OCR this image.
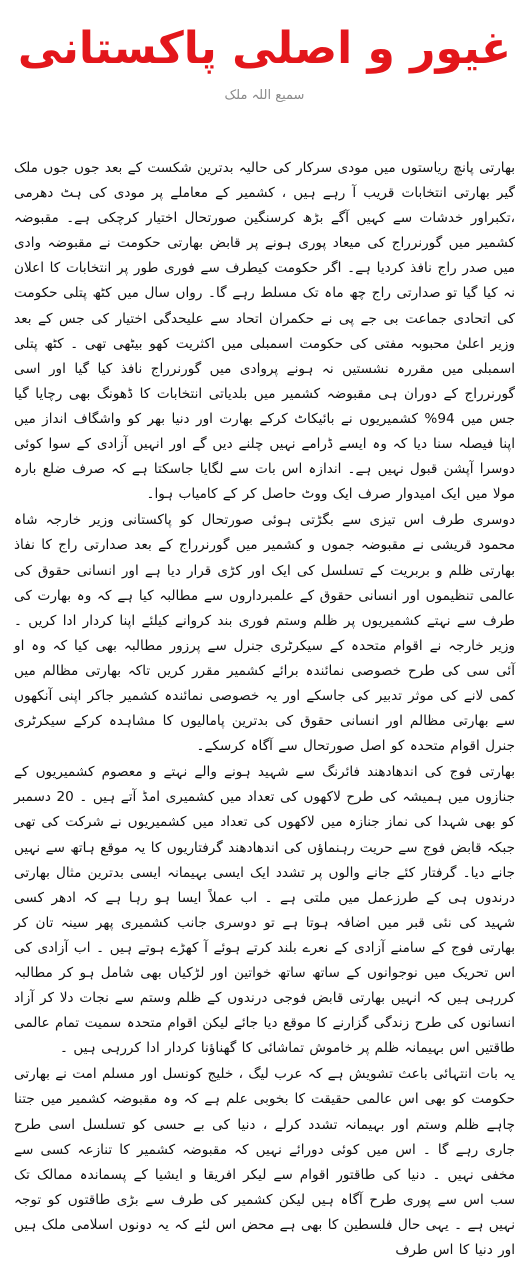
غیور و اصلی پاکستانی
سمیع اللہ ملک

بھارتی پانچ ریاستوں میں مودی سرکار کی حالیہ بدترین شکست کے بعد جوں جوں ملک گیر بھارتی انتخابات قریب آ رہے ہیں ، کشمیر کے معاملے پر مودی کی ہٹ دھرمی ،تکبراور خدشات سے کہیں آگے بڑھ کرسنگین صورتحال اختیار کرچکی ہے۔ مقبوضہ کشمیر میں گورنرراج کی میعاد پوری ہونے پر قابض بھارتی حکومت نے مقبوضہ وادی میں صدر راج نافذ کردیا ہے۔ اگر حکومت کیطرف سے فوری طور پر انتخابات کا اعلان نہ کیا گیا تو صدارتی راج چھ ماہ تک مسلط رہے گا۔ رواں سال میں کٹھ پتلی حکومت کی اتحادی جماعت بی جے پی نے حکمران اتحاد سے علیحدگی اختیار کی جس کے بعد وزیر اعلیٰ محبوبہ مفتی کی حکومت اسمبلی میں اکثریت کھو بیٹھی تھی ۔ کٹھ پتلی اسمبلی میں مقررہ نشستیں نہ ہونے پروادی میں گورنرراج نافذ کیا گیا اور اسی گورنرراج کے دوران ہی مقبوضہ کشمیر میں بلدیاتی انتخابات کا ڈھونگ بھی رچایا گیا جس میں 94% کشمیریوں نے بائیکاٹ کرکے بھارت اور دنیا بھر کو واشگاف انداز میں اپنا فیصلہ سنا دیا کہ وہ ایسے ڈرامے نہیں چلنے دیں گے اور انہیں آزادی کے سوا کوئی دوسرا آپشن قبول نہیں ہے۔ اندازہ اس بات سے لگایا جاسکتا ہے کہ صرف ضلع بارہ مولا میں ایک امیدوار صرف ایک ووٹ حاصل کر کے کامیاب ہوا۔

دوسری طرف اس تیزی سے بگڑتی ہوئی صورتحال کو پاکستانی وزیر خارجہ شاہ محمود قریشی نے مقبوضہ جموں و کشمیر میں گورنرراج کے بعد صدارتی راج کا نفاذ بھارتی ظلم و بربریت کے تسلسل کی ایک اور کڑی قرار دیا ہے اور انسانی حقوق کی عالمی تنظیموں اور انسانی حقوق کے علمبرداروں سے مطالبہ کیا ہے کہ وہ بھارت کی طرف سے نہتے کشمیریوں پر ظلم وستم فوری بند کروانے کیلئے اپنا کردار ادا کریں ۔ وزیر خارجہ نے اقوام متحدہ کے سیکرٹری جنرل سے پرزور مطالبہ بھی کیا کہ وہ او آئی سی کی طرح خصوصی نمائندہ برائے کشمیر مقرر کریں تاکہ بھارتی مظالم میں کمی لانے کی موثر تدبیر کی جاسکے اور یہ خصوصی نمائندہ کشمیر جاکر اپنی آنکھوں سے بھارتی مظالم اور انسانی حقوق کی بدترین پامالیوں کا مشاہدہ کرکے سیکرٹری جنرل اقوام متحدہ کو اصل صورتحال سے آگاہ کرسکے۔

بھارتی فوج کی اندھادھند فائرنگ سے شہید ہونے والے نہتے و معصوم کشمیریوں کے جنازوں میں ہمیشہ کی طرح لاکھوں کی تعداد میں کشمیری امڈ آتے ہیں ۔ 20 دسمبر کو بھی شہدا کی نماز جنازہ میں لاکھوں کی تعداد میں کشمیریوں نے شرکت کی تھی جبکہ قابض فوج سے حریت رہنماؤں کی اندھادھند گرفتاریوں کا یہ موقع ہاتھ سے نہیں جانے دیا۔ گرفتار کئے جانے والوں پر تشدد ایک ایسی بہیمانہ ایسی بدترین مثال بھارتی درندوں ہی کے طرزعمل میں ملتی ہے ۔ اب عملاً ایسا ہو رہا ہے کہ ادھر کسی شہید کی نئی قبر میں اضافہ ہوتا ہے تو دوسری جانب کشمیری پھر سینہ تان کر بھارتی فوج کے سامنے آزادی کے نعرے بلند کرتے ہوئے آ کھڑے ہوتے ہیں ۔ اب آزادی کی اس تحریک میں نوجوانوں کے ساتھ ساتھ خواتین اور لڑکیاں بھی شامل ہو کر مطالبہ کررہی ہیں کہ انہیں بھارتی قابض فوجی درندوں کے ظلم وستم سے نجات دلا کر آزاد انسانوں کی طرح زندگی گزارنے کا موقع دیا جائے لیکن اقوام متحدہ سمیت تمام عالمی طاقتیں اس بہیمانہ ظلم پر خاموش تماشائی کا گھناؤنا کردار ادا کررہی ہیں ۔

یہ بات انتہائی باعث تشویش ہے کہ عرب لیگ ، خلیج کونسل اور مسلم امت نے بھارتی حکومت کو بھی اس عالمی حقیقت کا بخوبی علم ہے کہ وہ مقبوضہ کشمیر میں جتنا چاہے ظلم وستم اور بہیمانہ تشدد کرلے ، دنیا کی بے حسی کو تسلسل اسی طرح جاری رہے گا ۔ اس میں کوئی دورائے نہیں کہ مقبوضہ کشمیر کا تنازعہ کسی سے مخفی نہیں ۔ دنیا کی طاقتور اقوام سے لیکر افریقا و ایشیا کے پسماندہ ممالک تک سب اس سے پوری طرح آگاہ ہیں لیکن کشمیر کی طرف سے بڑی طاقتوں کو توجہ نہیں ہے ۔ یہی حال فلسطین کا بھی ہے محض اس لئے کہ یہ دونوں اسلامی ملک ہیں اور دنیا کا اس طرف
